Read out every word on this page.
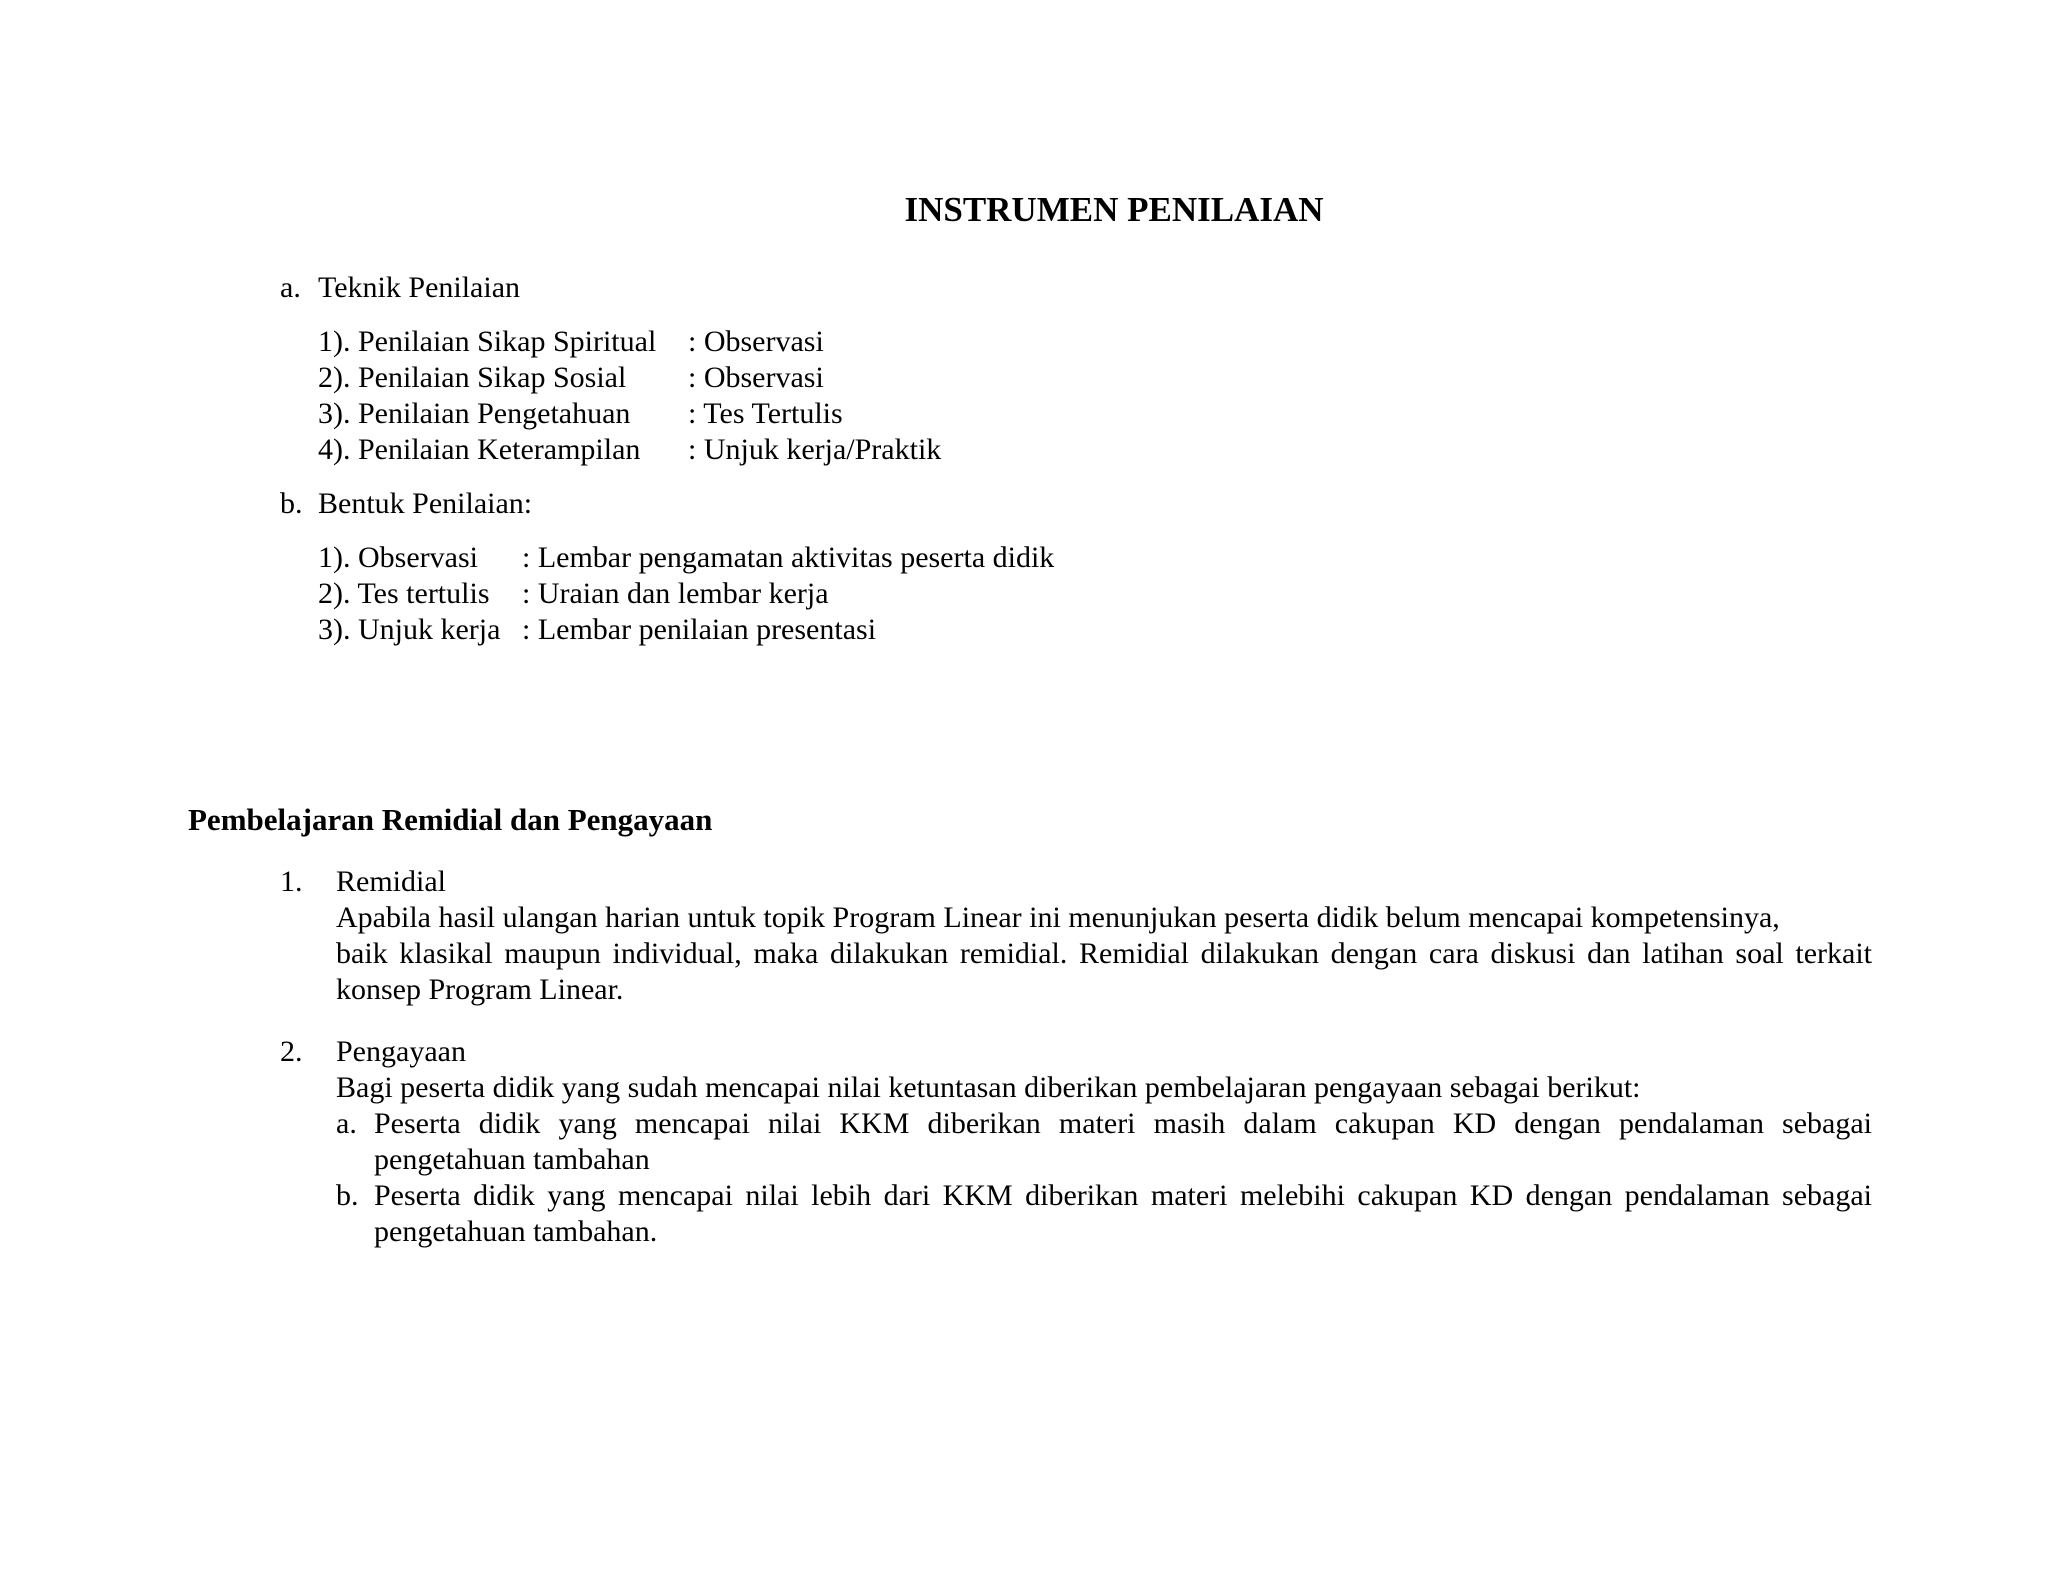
INSTRUMEN PENILAIAN
a. Teknik Penilaian
1). Penilaian Sikap Spiritual : Observasi
2). Penilaian Sikap Sosial : Observasi
3). Penilaian Pengetahuan : Tes Tertulis
4). Penilaian Keterampilan : Unjuk kerja/Praktik
b. Bentuk Penilaian:
1). Observasi : Lembar pengamatan aktivitas peserta didik
2). Tes tertulis : Uraian dan lembar kerja
3). Unjuk kerja : Lembar penilaian presentasi
Pembelajaran Remidial dan Pengayaan
1. Remidial
Apabila hasil ulangan harian untuk topik Program Linear ini menunjukan peserta didik belum mencapai kompetensinya,
baik klasikal maupun individual, maka dilakukan remidial. Remidial dilakukan dengan cara diskusi dan latihan soal terkait
konsep Program Linear.
2. Pengayaan
Bagi peserta didik yang sudah mencapai nilai ketuntasan diberikan pembelajaran pengayaan sebagai berikut:
a. Peserta didik yang mencapai nilai KKM diberikan materi masih dalam cakupan KD dengan pendalaman sebagai
pengetahuan tambahan
b. Peserta didik yang mencapai nilai lebih dari KKM diberikan materi melebihi cakupan KD dengan pendalaman sebagai
pengetahuan tambahan.
